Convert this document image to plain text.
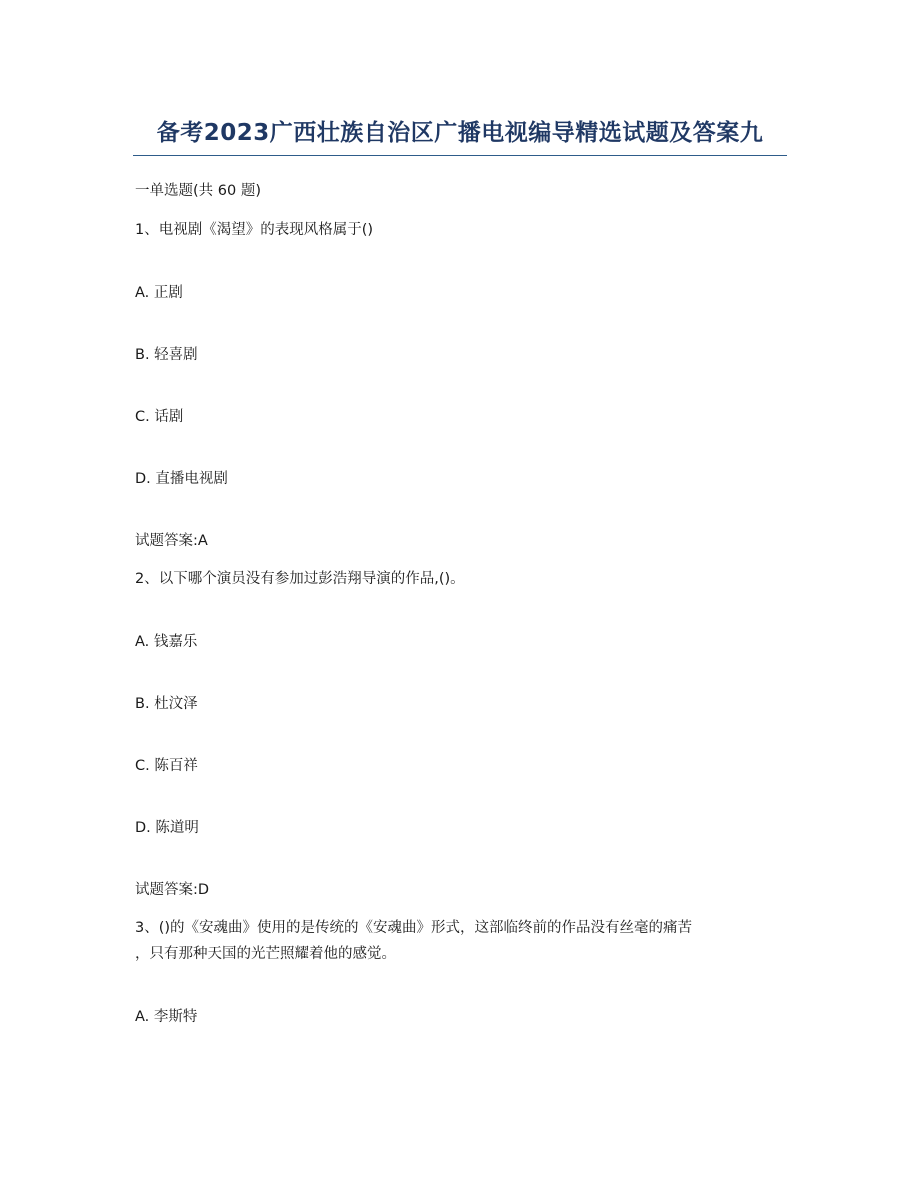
备考2023广西壮族自治区广播电视编导精选试题及答案九
一单选题(共 60 题)
1、电视剧《渴望》的表现风格属于()
A. 正剧
B. 轻喜剧
C. 话剧
D. 直播电视剧
试题答案:A
2、以下哪个演员没有参加过彭浩翔导演的作品,()。
A. 钱嘉乐
B. 杜汶泽
C. 陈百祥
D. 陈道明
试题答案:D
3、()的《安魂曲》使用的是传统的《安魂曲》形式，这部临终前的作品没有丝毫的痛苦
，只有那种天国的光芒照耀着他的感觉。
A. 李斯特
